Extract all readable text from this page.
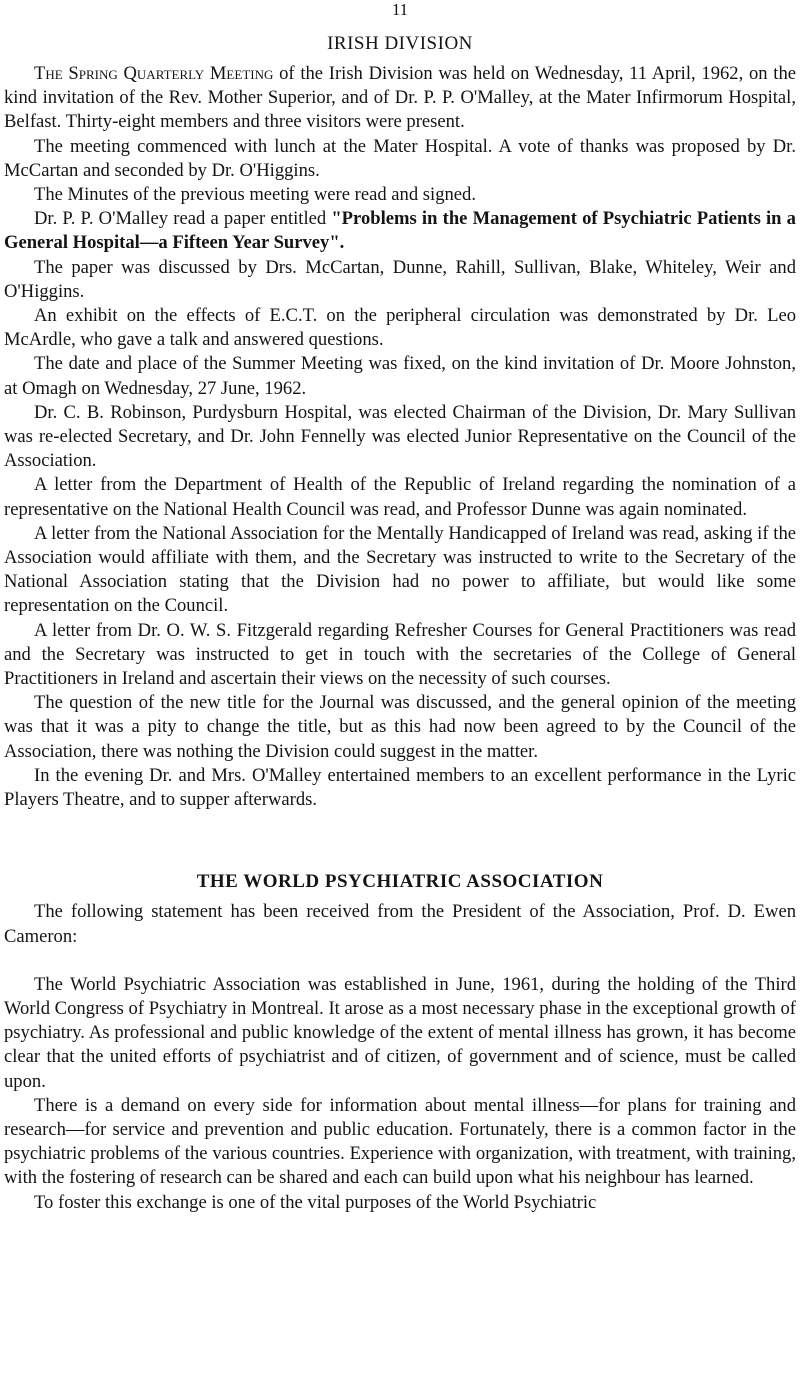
11
IRISH DIVISION

The Spring Quarterly Meeting of the Irish Division was held on Wednesday, 11 April, 1962, on the kind invitation of the Rev. Mother Superior, and of Dr. P. P. O'Malley, at the Mater Infirmorum Hospital, Belfast. Thirty-eight members and three visitors were present.

The meeting commenced with lunch at the Mater Hospital. A vote of thanks was proposed by Dr. McCartan and seconded by Dr. O'Higgins.

The Minutes of the previous meeting were read and signed.

Dr. P. P. O'Malley read a paper entitled "Problems in the Management of Psychiatric Patients in a General Hospital—a Fifteen Year Survey".

The paper was discussed by Drs. McCartan, Dunne, Rahill, Sullivan, Blake, Whiteley, Weir and O'Higgins.

An exhibit on the effects of E.C.T. on the peripheral circulation was demonstrated by Dr. Leo McArdle, who gave a talk and answered questions.

The date and place of the Summer Meeting was fixed, on the kind invitation of Dr. Moore Johnston, at Omagh on Wednesday, 27 June, 1962.

Dr. C. B. Robinson, Purdysburn Hospital, was elected Chairman of the Division, Dr. Mary Sullivan was re-elected Secretary, and Dr. John Fennelly was elected Junior Representative on the Council of the Association.

A letter from the Department of Health of the Republic of Ireland regarding the nomination of a representative on the National Health Council was read, and Professor Dunne was again nominated.

A letter from the National Association for the Mentally Handicapped of Ireland was read, asking if the Association would affiliate with them, and the Secretary was instructed to write to the Secretary of the National Association stating that the Division had no power to affiliate, but would like some representation on the Council.

A letter from Dr. O. W. S. Fitzgerald regarding Refresher Courses for General Practitioners was read and the Secretary was instructed to get in touch with the secretaries of the College of General Practitioners in Ireland and ascertain their views on the necessity of such courses.

The question of the new title for the Journal was discussed, and the general opinion of the meeting was that it was a pity to change the title, but as this had now been agreed to by the Council of the Association, there was nothing the Division could suggest in the matter.

In the evening Dr. and Mrs. O'Malley entertained members to an excellent performance in the Lyric Players Theatre, and to supper afterwards.

THE WORLD PSYCHIATRIC ASSOCIATION

The following statement has been received from the President of the Association, Prof. D. Ewen Cameron:

The World Psychiatric Association was established in June, 1961, during the holding of the Third World Congress of Psychiatry in Montreal. It arose as a most necessary phase in the exceptional growth of psychiatry. As professional and public knowledge of the extent of mental illness has grown, it has become clear that the united efforts of psychiatrist and of citizen, of government and of science, must be called upon.

There is a demand on every side for information about mental illness—for plans for training and research—for service and prevention and public education. Fortunately, there is a common factor in the psychiatric problems of the various countries. Experience with organization, with treatment, with training, with the fostering of research can be shared and each can build upon what his neighbour has learned.

To foster this exchange is one of the vital purposes of the World Psychiatric
